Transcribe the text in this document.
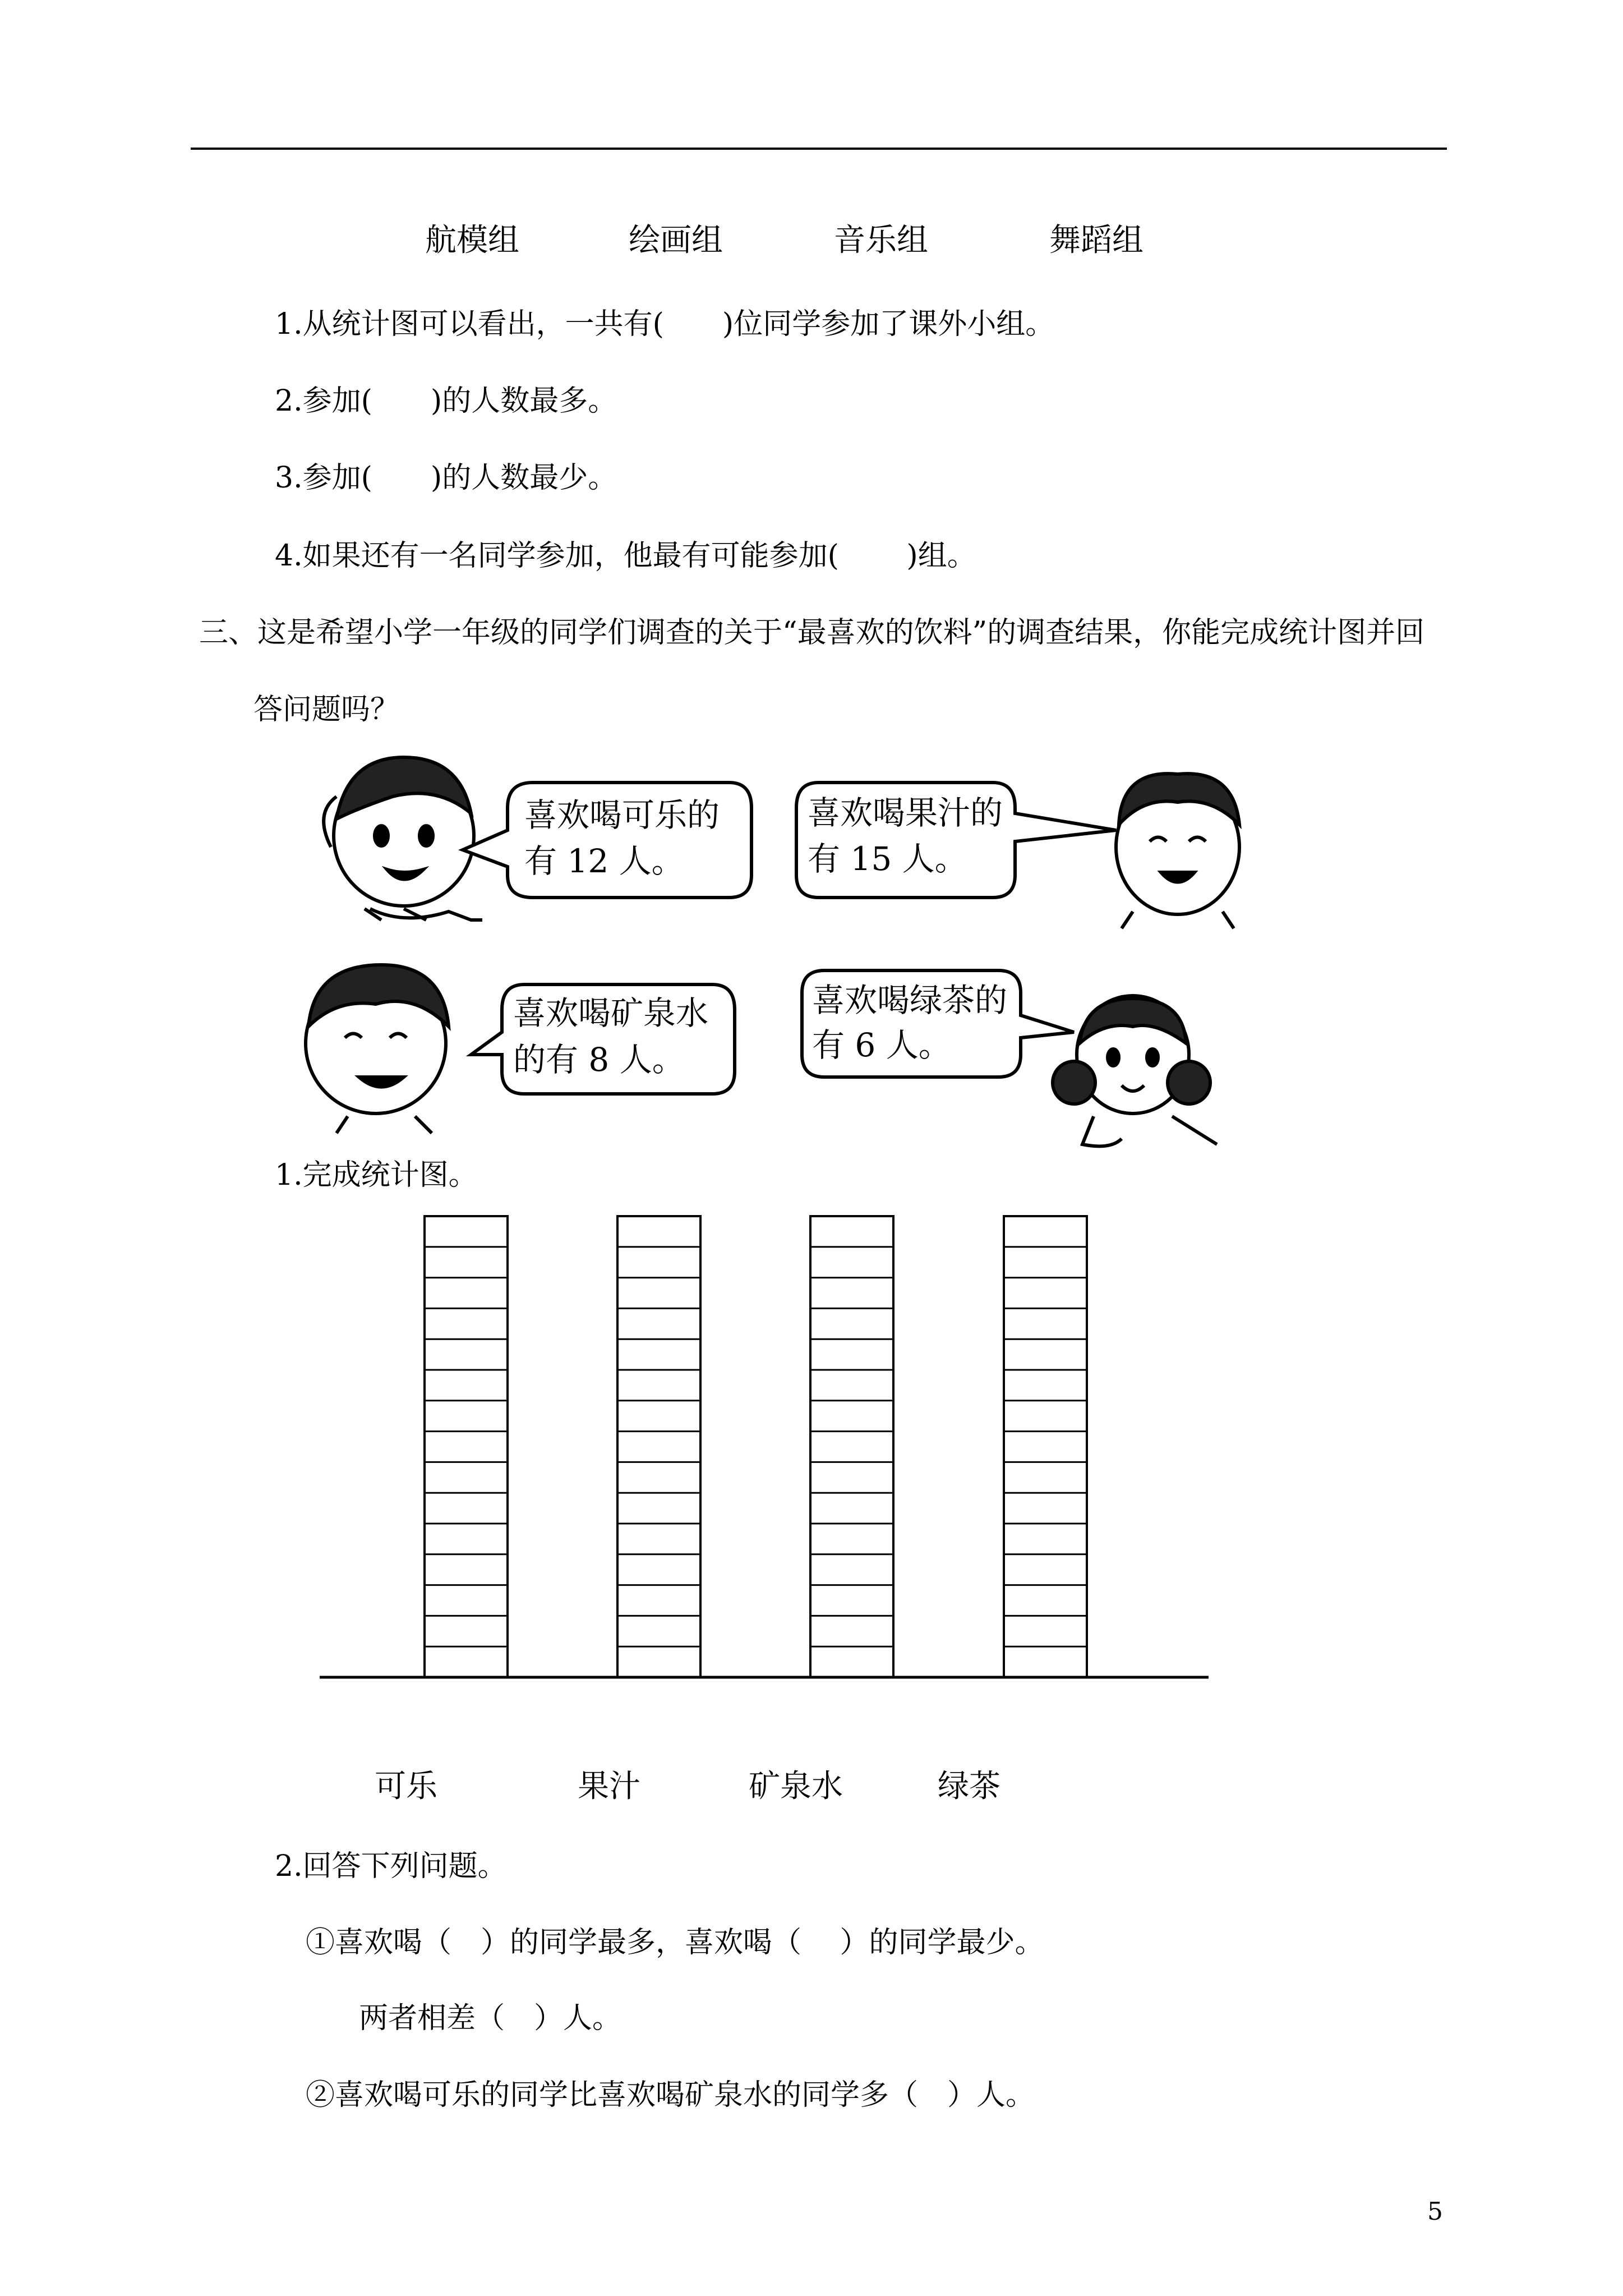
航模组	绘画组	音乐组	舞蹈组
1.从统计图可以看出，一共有(　　)位同学参加了课外小组。
2.参加(　　)的人数最多。
3.参加(　　)的人数最少。
4.如果还有一名同学参加，他最有可能参加(　　 )组。
三、这是希望小学一年级的同学们调查的关于“最喜欢的饮料”的调查结果，你能完成统计图并回
答问题吗？
喜欢喝可乐的
有 12 人。
喜欢喝果汁的
有 15 人。
喜欢喝矿泉水
的有 8 人。
喜欢喝绿茶的
有 6 人。
1.完成统计图。
可乐	果汁	矿泉水	绿茶
2.回答下列问题。
①喜欢喝（　）的同学最多，喜欢喝（　 ）的同学最少。
两者相差（　）人。
②喜欢喝可乐的同学比喜欢喝矿泉水的同学多（　）人。
5
